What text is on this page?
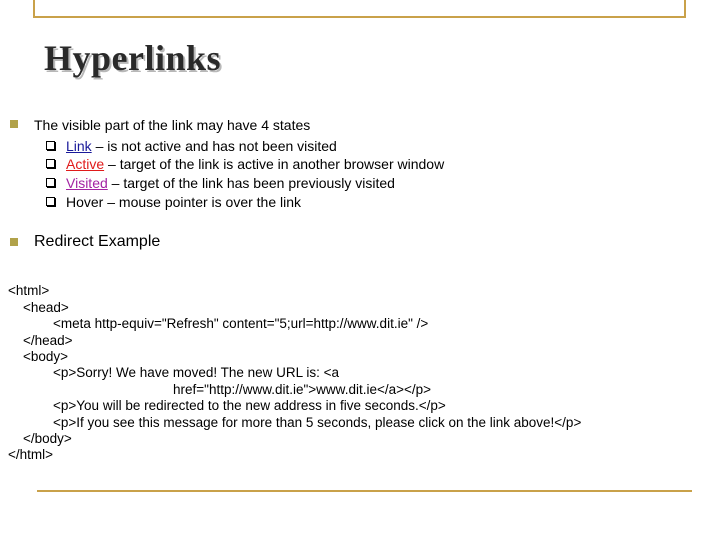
Hyperlinks
The visible part of the link may have 4 states
Link – is not active and has not been visited
Active – target of the link is active in another browser window
Visited – target of the link has been previously visited
Hover – mouse pointer is over the link
Redirect Example

<html>
<head>
<meta http-equiv="Refresh" content="5;url=http://www.dit.ie" />
</head>
<body>
<p>Sorry! We have moved! The new URL is: <a
href="http://www.dit.ie">www.dit.ie</a></p>
<p>You will be redirected to the new address in five seconds.</p>
<p>If you see this message for more than 5 seconds, please click on the link above!</p>
</body>
</html>
